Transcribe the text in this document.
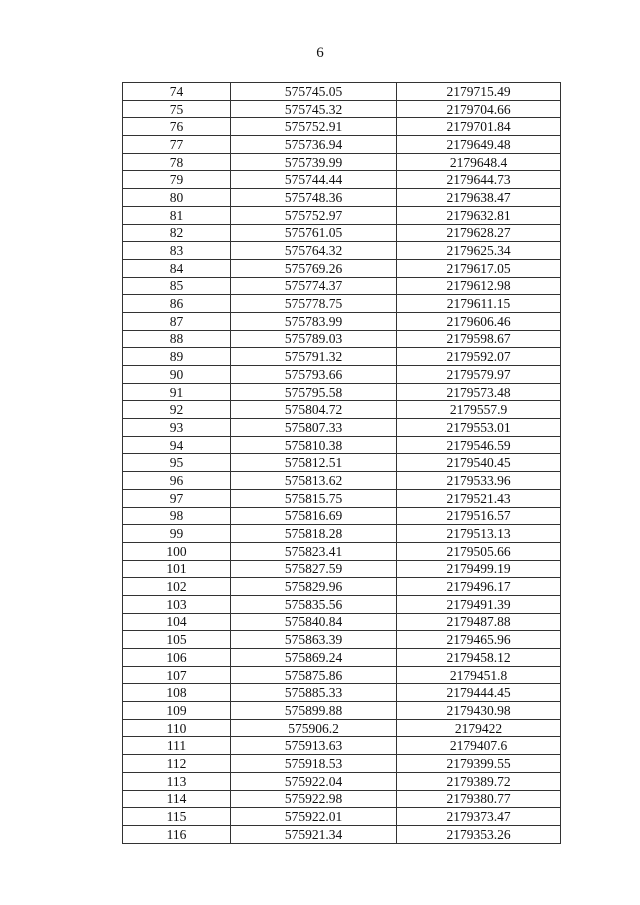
6
74	575745.05	2179715.49
75	575745.32	2179704.66
76	575752.91	2179701.84
77	575736.94	2179649.48
78	575739.99	2179648.4
79	575744.44	2179644.73
80	575748.36	2179638.47
81	575752.97	2179632.81
82	575761.05	2179628.27
83	575764.32	2179625.34
84	575769.26	2179617.05
85	575774.37	2179612.98
86	575778.75	2179611.15
87	575783.99	2179606.46
88	575789.03	2179598.67
89	575791.32	2179592.07
90	575793.66	2179579.97
91	575795.58	2179573.48
92	575804.72	2179557.9
93	575807.33	2179553.01
94	575810.38	2179546.59
95	575812.51	2179540.45
96	575813.62	2179533.96
97	575815.75	2179521.43
98	575816.69	2179516.57
99	575818.28	2179513.13
100	575823.41	2179505.66
101	575827.59	2179499.19
102	575829.96	2179496.17
103	575835.56	2179491.39
104	575840.84	2179487.88
105	575863.39	2179465.96
106	575869.24	2179458.12
107	575875.86	2179451.8
108	575885.33	2179444.45
109	575899.88	2179430.98
110	575906.2	2179422
111	575913.63	2179407.6
112	575918.53	2179399.55
113	575922.04	2179389.72
114	575922.98	2179380.77
115	575922.01	2179373.47
116	575921.34	2179353.26
